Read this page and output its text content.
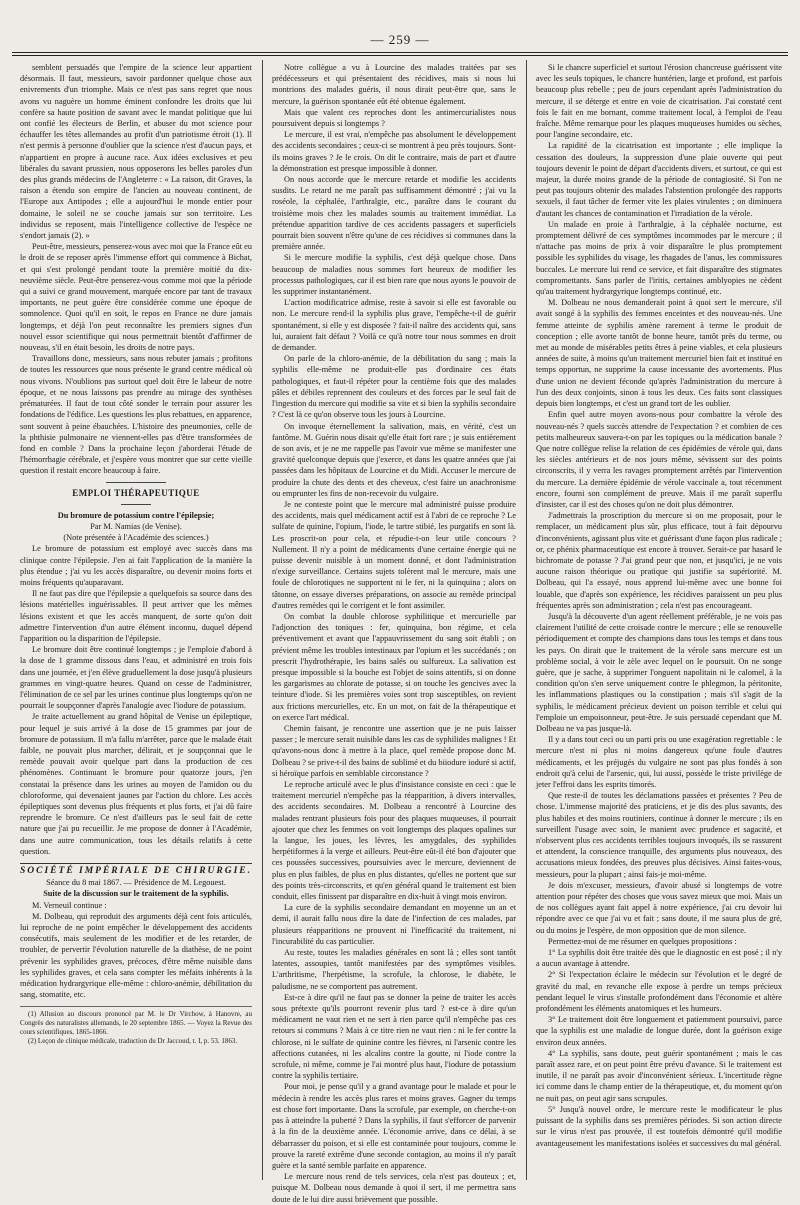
— 259 —

semblent persuadés que l'empire de la science leur appartient désormais. Il faut, messieurs, savoir pardonner quelque chose aux enivrements d'un triomphe. Mais ce n'est pas sans regret que nous avons vu naguère un homme éminent confondre les droits que lui confère sa haute position de savant avec le mandat politique que lui ont confié les électeurs de Berlin, et abuser du mot science pour échauffer les têtes allemandes au profit d'un patriotisme étroit (1). Il n'est permis à personne d'oublier que la science n'est d'aucun pays, et n'appartient en propre à aucune race. Aux idées exclusives et peu libérales du savant prussien, nous opposerons les belles paroles d'un des plus grands médecins de l'Angleterre : « La raison, dit Graves, la raison a étendu son empire de l'ancien au nouveau continent, de l'Europe aux Antipodes ; elle a aujourd'hui le monde entier pour domaine, le soleil ne se couche jamais sur son territoire. Les individus se reposent, mais l'intelligence collective de l'espèce ne s'endort jamais (2). »

Peut-être, messieurs, penserez-vous avec moi que la France eût eu le droit de se reposer après l'immense effort qui commence à Bichat, et qui s'est prolongé pendant toute la première moitié du dix-neuvième siècle. Peut-être penserez-vous comme moi que la période qui a suivi ce grand mouvement, marquée encore par tant de travaux importants, ne peut guère être considérée comme une époque de somnolence. Quoi qu'il en soit, le repos en France ne dure jamais longtemps, et déjà l'on peut reconnaître les premiers signes d'un nouvel essor scientifique qui nous permettrait bientôt d'affirmer de nouveau, s'il en était besoin, les droits de notre pays.

Travaillons donc, messieurs, sans nous rebuter jamais ; profitons de toutes les ressources que nous présente le grand centre médical où nous vivons. N'oublions pas surtout quel doit être le labeur de notre époque, et ne nous laissons pas prendre au mirage des synthèses prématurées. Il faut de tout côté sonder le terrain pour assurer les fondations de l'édifice. Les questions les plus rebattues, en apparence, sont souvent à peine ébauchées. L'histoire des pneumonies, celle de la phthisie pulmonaire ne viennent-elles pas d'être transformées de fond en comble ? Dans la prochaine leçon j'aborderai l'étude de l'hémorrhagie cérébrale, et j'espère vous montrer que sur cette vieille question il restait encore beaucoup à faire.

EMPLOI THÉRAPEUTIQUE

Du bromure de potassium contre l'épilepsie;

Par M. Namias (de Venise).

(Note présentée à l'Académie des sciences.)

Le bromure de potassium est employé avec succès dans ma clinique contre l'épilepsie. J'en ai fait l'application de la manière la plus étendue ; j'ai vu les accès disparaître, ou devenir moins forts et moins fréquents qu'auparavant.

Il ne faut pas dire que l'épilepsie a quelquefois sa source dans des lésions matérielles inguérissables. Il peut arriver que les mêmes lésions existent et que les accès manquent, de sorte qu'on doit admettre l'intervention d'un autre élément inconnu, duquel dépend l'apparition ou la disparition de l'épilepsie.

Le bromure doit être continué longtemps ; je l'emploie d'abord à la dose de 1 gramme dissous dans l'eau, et administré en trois fois dans une journée, et j'en élève graduellement la dose jusqu'à plusieurs grammes en vingt-quatre heures. Quand on cesse de l'administrer, l'élimination de ce sel par les urines continue plus longtemps qu'on ne pourrait le soupçonner d'après l'analogie avec l'iodure de potassium.

Je traite actuellement au grand hôpital de Venise un épileptique, pour lequel je suis arrivé à la dose de 15 grammes par jour de bromure de potassium. Il m'a fallu m'arrêter, parce que le malade était faible, ne pouvait plus marcher, délirait, et je soupçonnai que le remède pouvait avoir quelque part dans la production de ces phénomènes. Continuant le bromure pour quatorze jours, j'en constatai la présence dans les urines au moyen de l'amidon ou du chloroforme, qui devenaient jaunes par l'action du chlore. Les accès épileptiques sont devenus plus fréquents et plus forts, et j'ai dû faire reprendre le bromure. Ce n'est d'ailleurs pas le seul fait de cette nature que j'ai pu recueillir. Je me propose de donner à l'Académie, dans une autre communication, tous les détails relatifs à cette question.

SOCIÉTÉ IMPÉRIALE DE CHIRURGIE.

Séance du 8 mai 1867. — Présidence de M. Legouest.

Suite de la discussion sur le traitement de la syphilis.

M. Verneuil continue :

M. Dolbeau, qui reproduit des arguments déjà cent fois articulés, lui reproche de ne point empêcher le développement des accidents consécutifs, mais seulement de les modifier et de les retarder, de troubler, de pervertir l'évolution naturelle de la diathèse, de ne point prévenir les syphilides graves, précoces, d'être même nuisible dans les syphilides graves, et cela sans compter les méfaits inhérents à la médication hydrargyrique elle-même : chloro-anémie, débilitation du sang, stomatite, etc.

(1) Allusion au discours prononcé par M. le Dr Virchow, à Hanovre, au Congrès des naturalistes allemands, le 20 septembre 1865. — Voyez la Revue des cours scientifiques, 1865-1866.

(2) Leçon de clinique médicale, traduction du Dr Jaccoud, t. I, p. 53. 1863.

Notre collègue a vu à Lourcine des malades traitées par ses prédécesseurs et qui présentaient des récidives, mais si nous lui montrions des malades guéris, il nous dirait peut-être que, sans le mercure, la guérison spontanée eût été obtenue également.

Mais que valent ces reproches dont les antimercurialistes nous poursuivent depuis si longtemps ?

Le mercure, il est vrai, n'empêche pas absolument le développement des accidents secondaires ; ceux-ci se montrent à peu près toujours. Sont-ils moins graves ? Je le crois. On dit le contraire, mais de part et d'autre la démonstration est presque impossible à donner.

On nous accorde que le mercure retarde et modifie les accidents susdits. Le retard ne me paraît pas suffisamment démontré ; j'ai vu la roséole, la céphalée, l'arthralgie, etc., paraître dans le courant du troisième mois chez les malades soumis au traitement immédiat. La prétendue apparition tardive de ces accidents passagers et superficiels pourrait bien souvent n'être qu'une de ces récidives si communes dans la première année.

Si le mercure modifie la syphilis, c'est déjà quelque chose. Dans beaucoup de maladies nous sommes fort heureux de modifier les processus pathologiques, car il est bien rare que nous ayons le pouvoir de les supprimer instantanément.

L'action modificatrice admise, reste à savoir si elle est favorable ou non. Le mercure rend-il la syphilis plus grave, l'empêche-t-il de guérir spontanément, si elle y est disposée ? fait-il naître des accidents qui, sans lui, auraient fait défaut ? Voilà ce qu'à notre tour nous sommes en droit de demander.

On parle de la chloro-anémie, de la débilitation du sang ; mais la syphilis elle-même ne produit-elle pas d'ordinaire ces états pathologiques, et faut-il répéter pour la centième fois que des malades pâles et débiles reprennent des couleurs et des forces par le seul fait de l'ingestion du mercure qui modifie sa vite et si bien la syphilis secondaire ? C'est là ce qu'on observe tous les jours à Lourcine.

On invoque éternellement la salivation, mais, en vérité, c'est un fantôme. M. Guérin nous disait qu'elle était fort rare ; je suis entièrement de son avis, et je ne me rappelle pas l'avoir vue même se manifester une gravité quelconque depuis que j'exerce, et dans les quatre années que j'ai passées dans les hôpitaux de Lourcine et du Midi. Accuser le mercure de produire la chute des dents et des cheveux, c'est faire un anachronisme ou emprunter les fins de non-recevoir du vulgaire.

Je ne conteste point que le mercure mal administré puisse produire des accidents, mais quel médicament actif est à l'abri de ce reproche ? Le sulfate de quinine, l'opium, l'iode, le tartre stibié, les purgatifs en sont là. Les proscrit-on pour cela, et répudie-t-on leur utile concours ? Nullement. Il n'y a point de médicaments d'une certaine énergie qui ne puisse devenir nuisible à un moment donné, et dont l'administration n'exige surveillance. Certains sujets tolèrent mal le mercure, mais une foule de chlorotiques ne supportent ni le fer, ni la quinquina ; alors on tâtonne, on essaye diverses préparations, on associe au remède principal d'autres remèdes qui le corrigent et le font assimiler.

On combat la double chlorose syphilitique et mercurielle par l'adjonction des toniques : fer, quinquina, bon régime, et cela préventivement et avant que l'appauvrissement du sang soit établi ; on prévient même les troubles intestinaux par l'opium et les succédanés ; on prescrit l'hydrothérapie, les bains salés ou sulfureux. La salivation est presque impossible si la bouche est l'objet de soins attentifs, si on donne les gargarismes au chlorate de potasse, si on touche les gencives avec la teinture d'iode. Si les premières voies sont trop susceptibles, on revient aux frictions mercurielles, etc. En un mot, on fait de la thérapeutique et on exerce l'art médical.

Chemin faisant, je rencontre une assertion que je ne puis laisser passer ; le mercure serait nuisible dans les cas de syphilides malignes ! Et qu'avons-nous donc à mettre à la place, quel remède propose donc M. Dolbeau ? se prive-t-il des bains de sublimé et du biiodure ioduré si actif, si héroïque parfois en semblable circonstance ?

Le reproche articulé avec le plus d'insistance consiste en ceci : que le traitement mercuriel n'empêche pas la réapparition, à divers intervalles, des accidents secondaires. M. Dolbeau a rencontré à Lourcine des malades rentrant plusieurs fois pour des plaques muqueuses, il pourrait ajouter que chez les femmes on voit longtemps des plaques opalines sur la langue, les joues, les lèvres, les amygdales, des syphilides herpétiformes à la verge et ailleurs. Peut-être eût-il été bon d'ajouter que ces poussées successives, poursuivies avec le mercure, deviennent de plus en plus faibles, de plus en plus distantes, qu'elles ne portent que sur des points très-circonscrits, et qu'en général quand le traitement est bien conduit, elles finissent par disparaître en dix-huit à vingt mois environ.

La cure de la syphilis secondaire demandant en moyenne un an et demi, il aurait fallu nous dire la date de l'infection de ces malades, par plusieurs réapparitions ne prouvent ni l'inefficacité du traitement, ni l'incurabilité du cas particulier.

Au reste, toutes les maladies générales en sont là ; elles sont tantôt latentes, assoupies, tantôt manifestées par des symptômes visibles. L'arthritisme, l'herpétisme, la scrofule, la chlorose, le diabète, le paludisme, ne se comportent pas autrement.

Est-ce à dire qu'il ne faut pas se donner la peine de traiter les accès sous prétexte qu'ils pourront revenir plus tard ? est-ce à dire qu'un médicament ne vaut rien et ne sert à rien parce qu'il n'empêche pas ces retours si communs ? Mais à ce titre rien ne vaut rien : ni le fer contre la chlorose, ni le sulfate de quinine contre les fièvres, ni l'arsenic contre les affections cutanées, ni les alcalins contre la goutte, ni l'iode contre la scrofule, ni même, comme je l'ai montré plus haut, l'iodure de potassium contre la syphilis tertiaire.

Pour moi, je pense qu'il y a grand avantage pour le malade et pour le médecin à rendre les accès plus rares et moins graves. Gagner du temps est chose fort importante. Dans la scrofule, par exemple, on cherche-t-on pas à atteindre la puberté ? Dans la syphilis, il faut s'efforcer de parvenir à la fin de la deuxième année. L'économie arrive, dans ce délai, à se débarrasser du poison, et si elle est contaminée pour toujours, comme le prouve la rareté extrême d'une seconde contagion, au moins il n'y paraît guère et la santé semble parfaite en apparence.

Le mercure nous rend de tels services, cela n'est pas douteux ; et, puisque M. Dolbeau nous demande à quoi il sert, il me permettra sans doute de le lui dire aussi brièvement que possible.

Si le chancre superficiel et surtout l'érosion chancreuse guérissent vite avec les seuls topiques, le chancre huntérien, large et profond, est parfois beaucoup plus rebelle ; peu de jours cependant après l'administration du mercure, il se déterge et entre en voie de cicatrisation. J'ai constaté cent fois le fait en me bornant, comme traitement local, à l'emploi de l'eau fraîche. Même remarque pour les plaques muqueuses humides ou sèches, pour l'angine secondaire, etc.

La rapidité de la cicatrisation est importante ; elle implique la cessation des douleurs, la suppression d'une plaie ouverte qui peut toujours devenir le point de départ d'accidents divers, et surtout, ce qui est majeur, la durée moins grande de la période de contagiosité. Si l'on ne peut pas toujours obtenir des malades l'abstention prolongée des rapports sexuels, il faut tâcher de fermer vite les plaies virulentes ; on diminuera d'autant les chances de contamination et l'irradiation de la vérole.

Un malade en proie à l'arthralgie, à la céphalée nocturne, est promptement délivré de ces symptômes incommodes par le mercure ; il n'attache pas moins de prix à voir disparaître le plus promptement possible les syphilides du visage, les rhagades de l'anus, les commissures buccales. Le mercure lui rend ce service, et fait disparaître des stigmates compromettants. Sans parler de l'iritis, certaines amblyopies ne cèdent qu'au traitement hydrargyrique longtemps continué, etc.

M. Dolbeau ne nous demanderait point à quoi sert le mercure, s'il avait songé à la syphilis des femmes enceintes et des nouveau-nés. Une femme atteinte de syphilis amène rarement à terme le produit de conception ; elle avorte tantôt de bonne heure, tantôt près du terme, ou met au monde de misérables petits êtres à peine viables, et cela plusieurs années de suite, à moins qu'un traitement mercuriel bien fait et institué en temps opportun, ne supprime la cause incessante des avortements. Plus d'une union ne devient féconde qu'après l'administration du mercure à l'un des deux conjoints, sinon à tous les deux. Ces faits sont classiques depuis bien longtemps, et c'est un grand tort de les oublier.

Enfin quel autre moyen avons-nous pour combattre la vérole des nouveau-nés ? quels succès attendre de l'expectation ? et combien de ces petits malheureux sauvera-t-on par les topiques ou la médication banale ? Que notre collègue relise la relation de ces épidémies de vérole qui, dans les siècles antérieurs et de nos jours même, sévissent sur des points circonscrits, il y verra les ravages promptement arrêtés par l'intervention du mercure. La dernière épidémie de vérole vaccinale a, tout récemment encore, fourni son complément de preuve. Mais il me paraît superflu d'insister, car il est des choses qu'on ne doit plus démontrer.

J'admettrais la proscription du mercure si on me proposait, pour le remplacer, un médicament plus sûr, plus efficace, tout à fait dépourvu d'inconvénients, agissant plus vite et guérissant d'une façon plus radicale ; or, ce phénix pharmaceutique est encore à trouver. Serait-ce par hasard le bichromate de potasse ? J'ai grand peur que non, et jusqu'ici, je ne vois aucune raison théorique ou pratique qui justifie sa supériorité. M. Dolbeau, qui l'a essayé, nous apprend lui-même avec une bonne foi louable, que d'après son expérience, les récidives paraissent un peu plus fréquentes après son administration ; cela n'est pas encourageant.

Jusqu'à la découverte d'un agent réellement préférable, je ne vois pas clairement l'utilité de cette croisade contre le mercure ; elle se renouvelle périodiquement et compte des champions dans tous les temps et dans tous les pays. On dirait que le traitement de la vérole sans mercure est un problème social, à voir le zèle avec lequel on le poursuit. On ne songe guère, que je sache, à supprimer l'onguent napolitain ni le calomel, à la condition qu'on s'en serve uniquement contre le phlegmon, la péritonite, les inflammations plastiques ou la constipation ; mais s'il s'agit de la syphilis, le médicament précieux devient un poison terrible et celui qui l'emploie un empoisonneur, peut-être. Je suis persuadé cependant que M. Dolbeau ne va pas jusque-là.

Il y a dans tout ceci ou un parti pris ou une exagération regrettable : le mercure n'est ni plus ni moins dangereux qu'une foule d'autres médicaments, et les préjugés du vulgaire ne sont pas plus fondés à son endroit qu'à celui de l'arsenic, qui, lui aussi, possède le triste privilège de jeter l'effroi dans les esprits timorés.

Que reste-il de toutes les déclamations passées et présentes ? Peu de chose. L'immense majorité des praticiens, et je dis des plus savants, des plus habiles et des moins routiniers, continue à donner le mercure ; ils en surveillent l'usage avec soin, le manient avec prudence et sagacité, et n'observent plus ces accidents terribles toujours invoqués, ils se rassurent et attendent, la conscience tranquille, des arguments plus nouveaux, des accusations mieux fondées, des preuves plus décisives. Ainsi faites-vous, messieurs, pour la plupart ; ainsi fais-je moi-même.

Je dois m'excuser, messieurs, d'avoir abusé si longtemps de votre attention pour répéter des choses que vous savez mieux que moi. Mais un de nos collègues ayant fait appel à notre expérience, j'ai cru devoir lui répondre avec ce que j'ai vu et fait ; sans doute, il me saura plus de gré, ou du moins je l'espère, de mon opposition que de mon silence.

Permettez-moi de me résumer en quelques propositions :

1° La syphilis doit être traitée dès que le diagnostic en est posé ; il n'y a aucun avantage à attendre.

2° Si l'expectation éclaire le médecin sur l'évolution et le degré de gravité du mal, en revanche elle expose à perdre un temps précieux pendant lequel le virus s'installe profondément dans l'économie et altère profondément les éléments anatomiques et les humeurs.

3° Le traitement doit être longuement et patiemment poursuivi, parce que la syphilis est une maladie de longue durée, dont la guérison exige environ deux années.

4° La syphilis, sans doute, peut guérir spontanément ; mais le cas paraît assez rare, et on peut point être prévu d'avance. Si le traitement est inutile, il ne paraît pas avoir d'inconvénient sérieux. L'incertitude règne ici comme dans le champ entier de la thérapeutique, et, du moment qu'on ne nuit pas, on peut agir sans scrupules.

5° Jusqu'à nouvel ordre, le mercure reste le modificateur le plus puissant de la syphilis dans ses premières périodes. Si son action directe sur le virus n'est pas prouvée, il est toutefois démontré qu'il modifie avantageusement les manifestations isolées et successives du mal général.
